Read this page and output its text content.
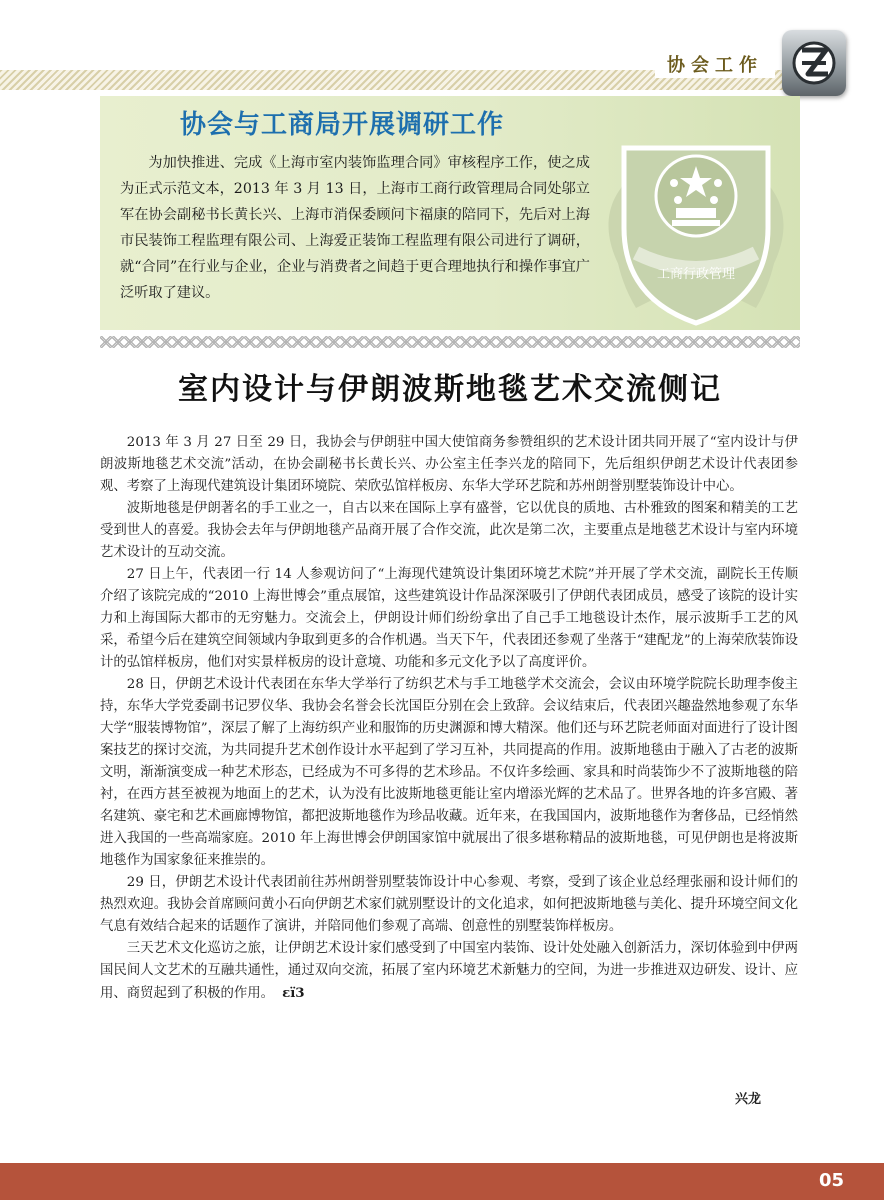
协会工作
协会与工商局开展调研工作

为加快推进、完成《上海市室内装饰监理合同》审核程序工作，使之成为正式示范文本，2013 年 3 月 13 日，上海市工商行政管理局合同处邬立军在协会副秘书长黄长兴、上海市消保委顾问卞福康的陪同下，先后对上海市民装饰工程监理有限公司、上海爱正装饰工程监理有限公司进行了调研，就“合同”在行业与企业，企业与消费者之间趋于更合理地执行和操作事宜广泛听取了建议。

工商行政管理
室内设计与伊朗波斯地毯艺术交流侧记

2013 年 3 月 27 日至 29 日，我协会与伊朗驻中国大使馆商务参赞组织的艺术设计团共同开展了“室内设计与伊朗波斯地毯艺术交流”活动，在协会副秘书长黄长兴、办公室主任李兴龙的陪同下，先后组织伊朗艺术设计代表团参观、考察了上海现代建筑设计集团环境院、荣欣弘馆样板房、东华大学环艺院和苏州朗誉别墅装饰设计中心。

波斯地毯是伊朗著名的手工业之一，自古以来在国际上享有盛誉，它以优良的质地、古朴雅致的图案和精美的工艺受到世人的喜爱。我协会去年与伊朗地毯产品商开展了合作交流，此次是第二次，主要重点是地毯艺术设计与室内环境艺术设计的互动交流。

27 日上午，代表团一行 14 人参观访问了“上海现代建筑设计集团环境艺术院”并开展了学术交流，副院长王传顺介绍了该院完成的“2010 上海世博会”重点展馆，这些建筑设计作品深深吸引了伊朗代表团成员，感受了该院的设计实力和上海国际大都市的无穷魅力。交流会上，伊朗设计师们纷纷拿出了自己手工地毯设计杰作，展示波斯手工艺的风采，希望今后在建筑空间领域内争取到更多的合作机遇。当天下午，代表团还参观了坐落于“建配龙”的上海荣欣装饰设计的弘馆样板房，他们对实景样板房的设计意境、功能和多元文化予以了高度评价。

28 日，伊朗艺术设计代表团在东华大学举行了纺织艺术与手工地毯学术交流会，会议由环境学院院长助理李俊主持，东华大学党委副书记罗仪华、我协会名誉会长沈国臣分别在会上致辞。会议结束后，代表团兴趣盎然地参观了东华大学“服装博物馆”，深层了解了上海纺织产业和服饰的历史渊源和博大精深。他们还与环艺院老师面对面进行了设计图案技艺的探讨交流，为共同提升艺术创作设计水平起到了学习互补，共同提高的作用。波斯地毯由于融入了古老的波斯文明，渐渐演变成一种艺术形态，已经成为不可多得的艺术珍品。不仅许多绘画、家具和时尚装饰少不了波斯地毯的陪衬，在西方甚至被视为地面上的艺术，认为没有比波斯地毯更能让室内增添光辉的艺术品了。世界各地的许多宫殿、著名建筑、豪宅和艺术画廊博物馆，都把波斯地毯作为珍品收藏。近年来，在我国国内，波斯地毯作为奢侈品，已经悄然进入我国的一些高端家庭。2010 年上海世博会伊朗国家馆中就展出了很多堪称精品的波斯地毯，可见伊朗也是将波斯地毯作为国家象征来推崇的。

29 日，伊朗艺术设计代表团前往苏州朗誉别墅装饰设计中心参观、考察，受到了该企业总经理张丽和设计师们的热烈欢迎。我协会首席顾问黄小石向伊朗艺术家们就别墅设计的文化追求，如何把波斯地毯与美化、提升环境空间文化气息有效结合起来的话题作了演讲，并陪同他们参观了高端、创意性的别墅装饰样板房。

三天艺术文化巡访之旅，让伊朗艺术设计家们感受到了中国室内装饰、设计处处融入创新活力，深切体验到中伊两国民间人文艺术的互融共通性，通过双向交流，拓展了室内环境艺术新魅力的空间，为进一步推进双边研发、设计、应用、商贸起到了积极的作用。 εï3

兴龙
05
